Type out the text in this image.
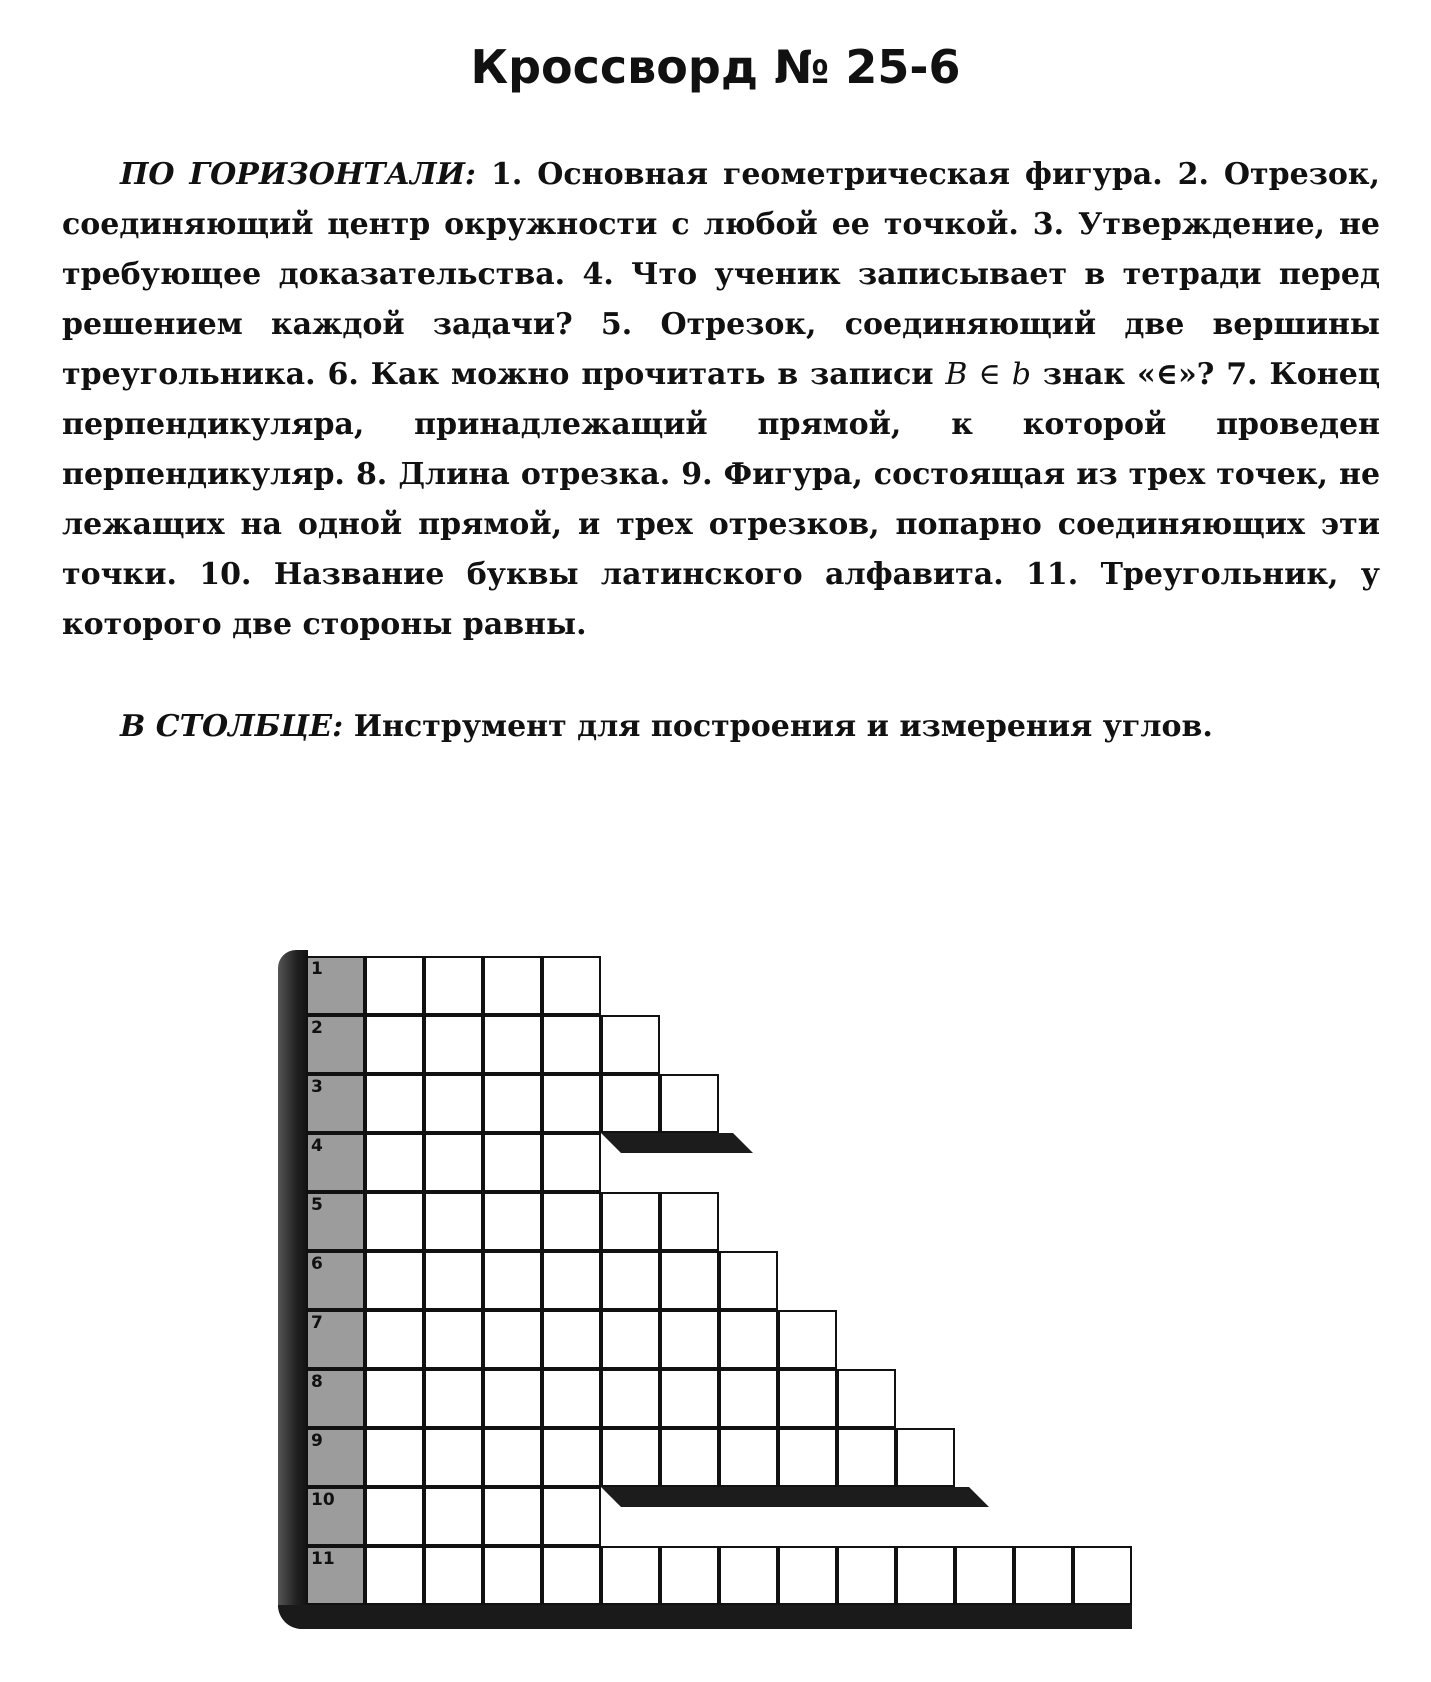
Кроссворд № 25-6

ПО ГОРИЗОНТАЛИ: 1. Основная геометрическая фигура. 2. Отрезок, соединяющий центр окружности с любой ее точкой. 3. Утверждение, не требующее доказательства. 4. Что ученик записывает в тетради перед решением каждой задачи? 5. Отрезок, соединяющий две вершины треугольника. 6. Как можно прочитать в записи B ∈ b знак «∈»? 7. Конец перпендикуляра, принадлежащий прямой, к которой проведен перпендикуляр. 8. Длина отрезка. 9. Фигура, состоящая из трех точек, не лежащих на одной прямой, и трех отрезков, попарно соединяющих эти точки. 10. Название буквы латинского алфавита. 11. Треугольник, у которого две стороны равны.

В СТОЛБЦЕ: Инструмент для построения и измерения углов.
1
2
3
4
5
6
7
8
9
10
11
